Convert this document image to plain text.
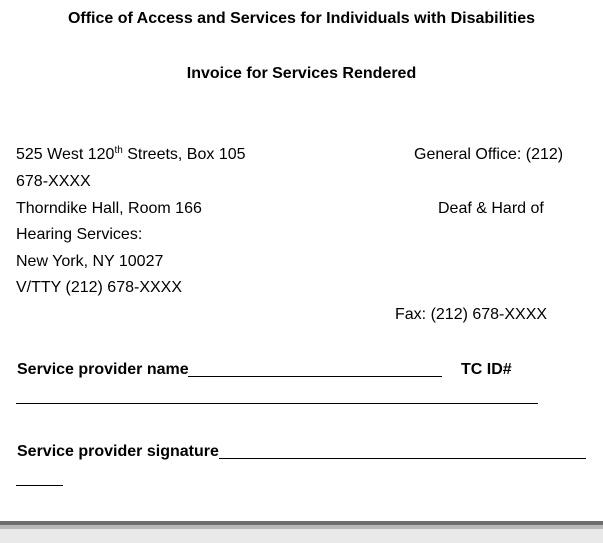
Office of Access and Services for Individuals with Disabilities
Invoice for Services Rendered
525 West 120th Streets, Box 105	General Office: (212)
678-XXXX
Thorndike Hall, Room 166	Deaf & Hard of
Hearing Services:
New York, NY 10027
V/TTY (212) 678-XXXX
Fax: (212) 678-XXXX
Service provider name	TC ID#
Service provider signature
